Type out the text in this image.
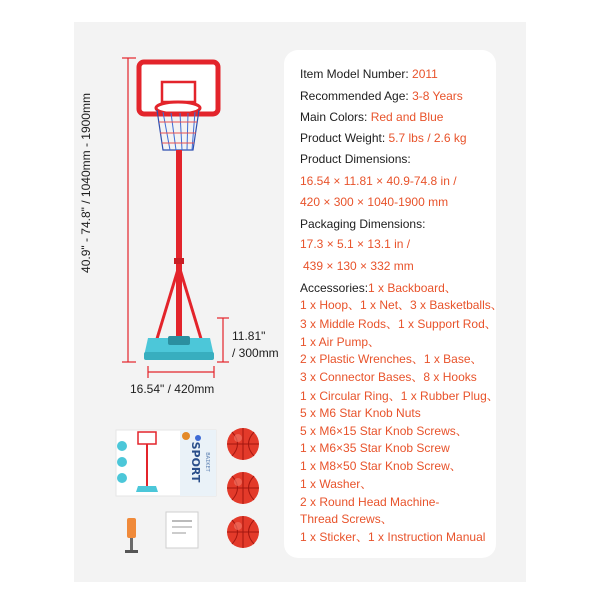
SPORT ΒΑΣΚΕΤ
40.9" - 74.8" / 1040mm - 1900mm
11.81"
/ 300mm
16.54" / 420mm
Item Model Number: 2011
Recommended Age: 3-8 Years
Main Colors: Red and Blue
Product Weight: 5.7 lbs / 2.6 kg
Product Dimensions:
16.54 × 11.81 × 40.9-74.8 in /
420 × 300 × 1040-1900 mm
Packaging Dimensions:
17.3 × 5.1 × 13.1 in /
439 × 130 × 332 mm
Accessories:1 x Backboard、
1 x Hoop、1 x Net、3 x Basketballs、
3 x Middle Rods、1 x Support Rod、
1 x Air Pump、
2 x Plastic Wrenches、1 x Base、
3 x Connector Bases、8 x Hooks
1 x Circular Ring、1 x Rubber Plug、
5 x M6 Star Knob Nuts
5 x M6×15 Star Knob Screws、
1 x M6×35 Star Knob Screw
1 x M8×50 Star Knob Screw、
1 x Washer、
2 x Round Head Machine-
Thread Screws、
1 x Sticker、1 x Instruction Manual
